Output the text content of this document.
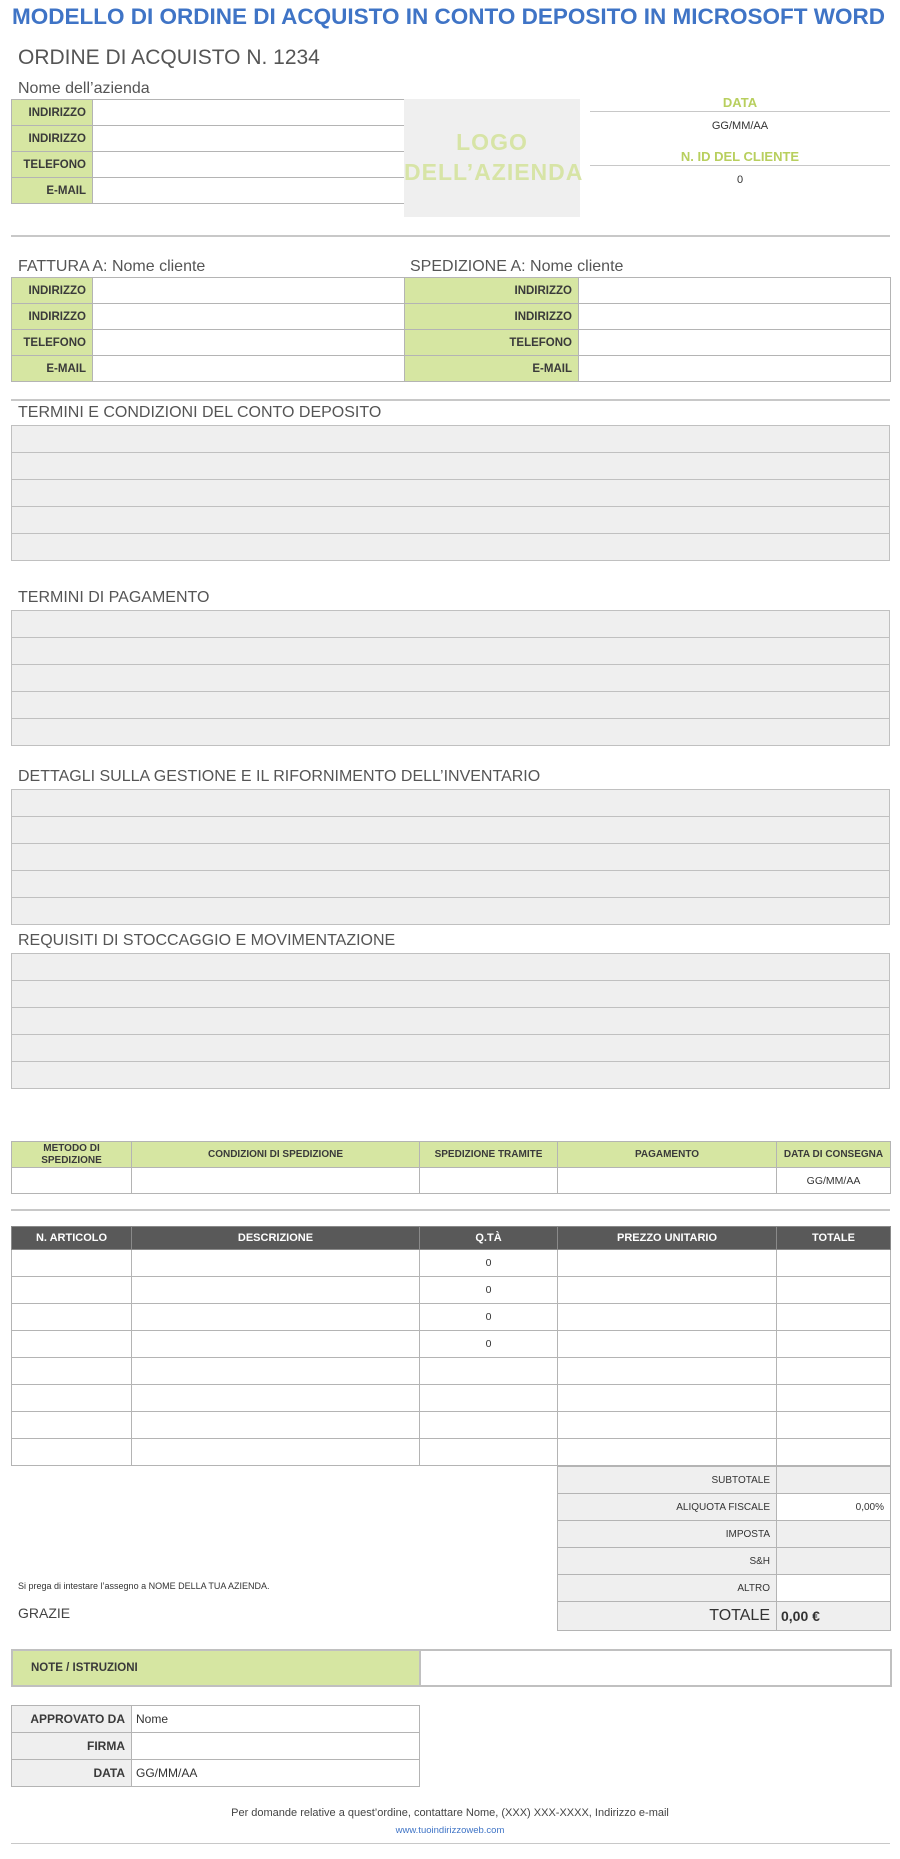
MODELLO DI ORDINE DI ACQUISTO IN CONTO DEPOSITO IN MICROSOFT WORD
ORDINE DI ACQUISTO N. 1234
Nome dell’azienda
INDIRIZZO	
INDIRIZZO	
TELEFONO	
E-MAIL	
LOGO
DELL’AZIENDA
DATA
GG/MM/AA
N. ID DEL CLIENTE
0
FATTURA A: Nome cliente	SPEDIZIONE A: Nome cliente
INDIRIZZO	
INDIRIZZO	
TELEFONO	
E-MAIL	
INDIRIZZO	
INDIRIZZO	
TELEFONO	
E-MAIL	
TERMINI E CONDIZIONI DEL CONTO DEPOSITO

TERMINI DI PAGAMENTO

DETTAGLI SULLA GESTIONE E IL RIFORNIMENTO DELL’INVENTARIO

REQUISITI DI STOCCAGGIO E MOVIMENTAZIONE

METODO DI SPEDIZIONE	CONDIZIONI DI SPEDIZIONE	SPEDIZIONE TRAMITE	PAGAMENTO	DATA DI CONSEGNA
				GG/MM/AA
N. ARTICOLO	DESCRIZIONE	Q.TÀ	PREZZO UNITARIO	TOTALE
		0		
		0		
		0		
		0		

SUBTOTALE	
ALIQUOTA FISCALE	0,00%
IMPOSTA	
S&H	
ALTRO	
TOTALE	0,00 €
Si prega di intestare l’assegno a NOME DELLA TUA AZIENDA.
GRAZIE
NOTE / ISTRUZIONI	
APPROVATO DA	Nome
FIRMA	
DATA	GG/MM/AA
Per domande relative a quest’ordine, contattare Nome, (XXX) XXX-XXXX, Indirizzo e-mail
www.tuoindirizzoweb.com
